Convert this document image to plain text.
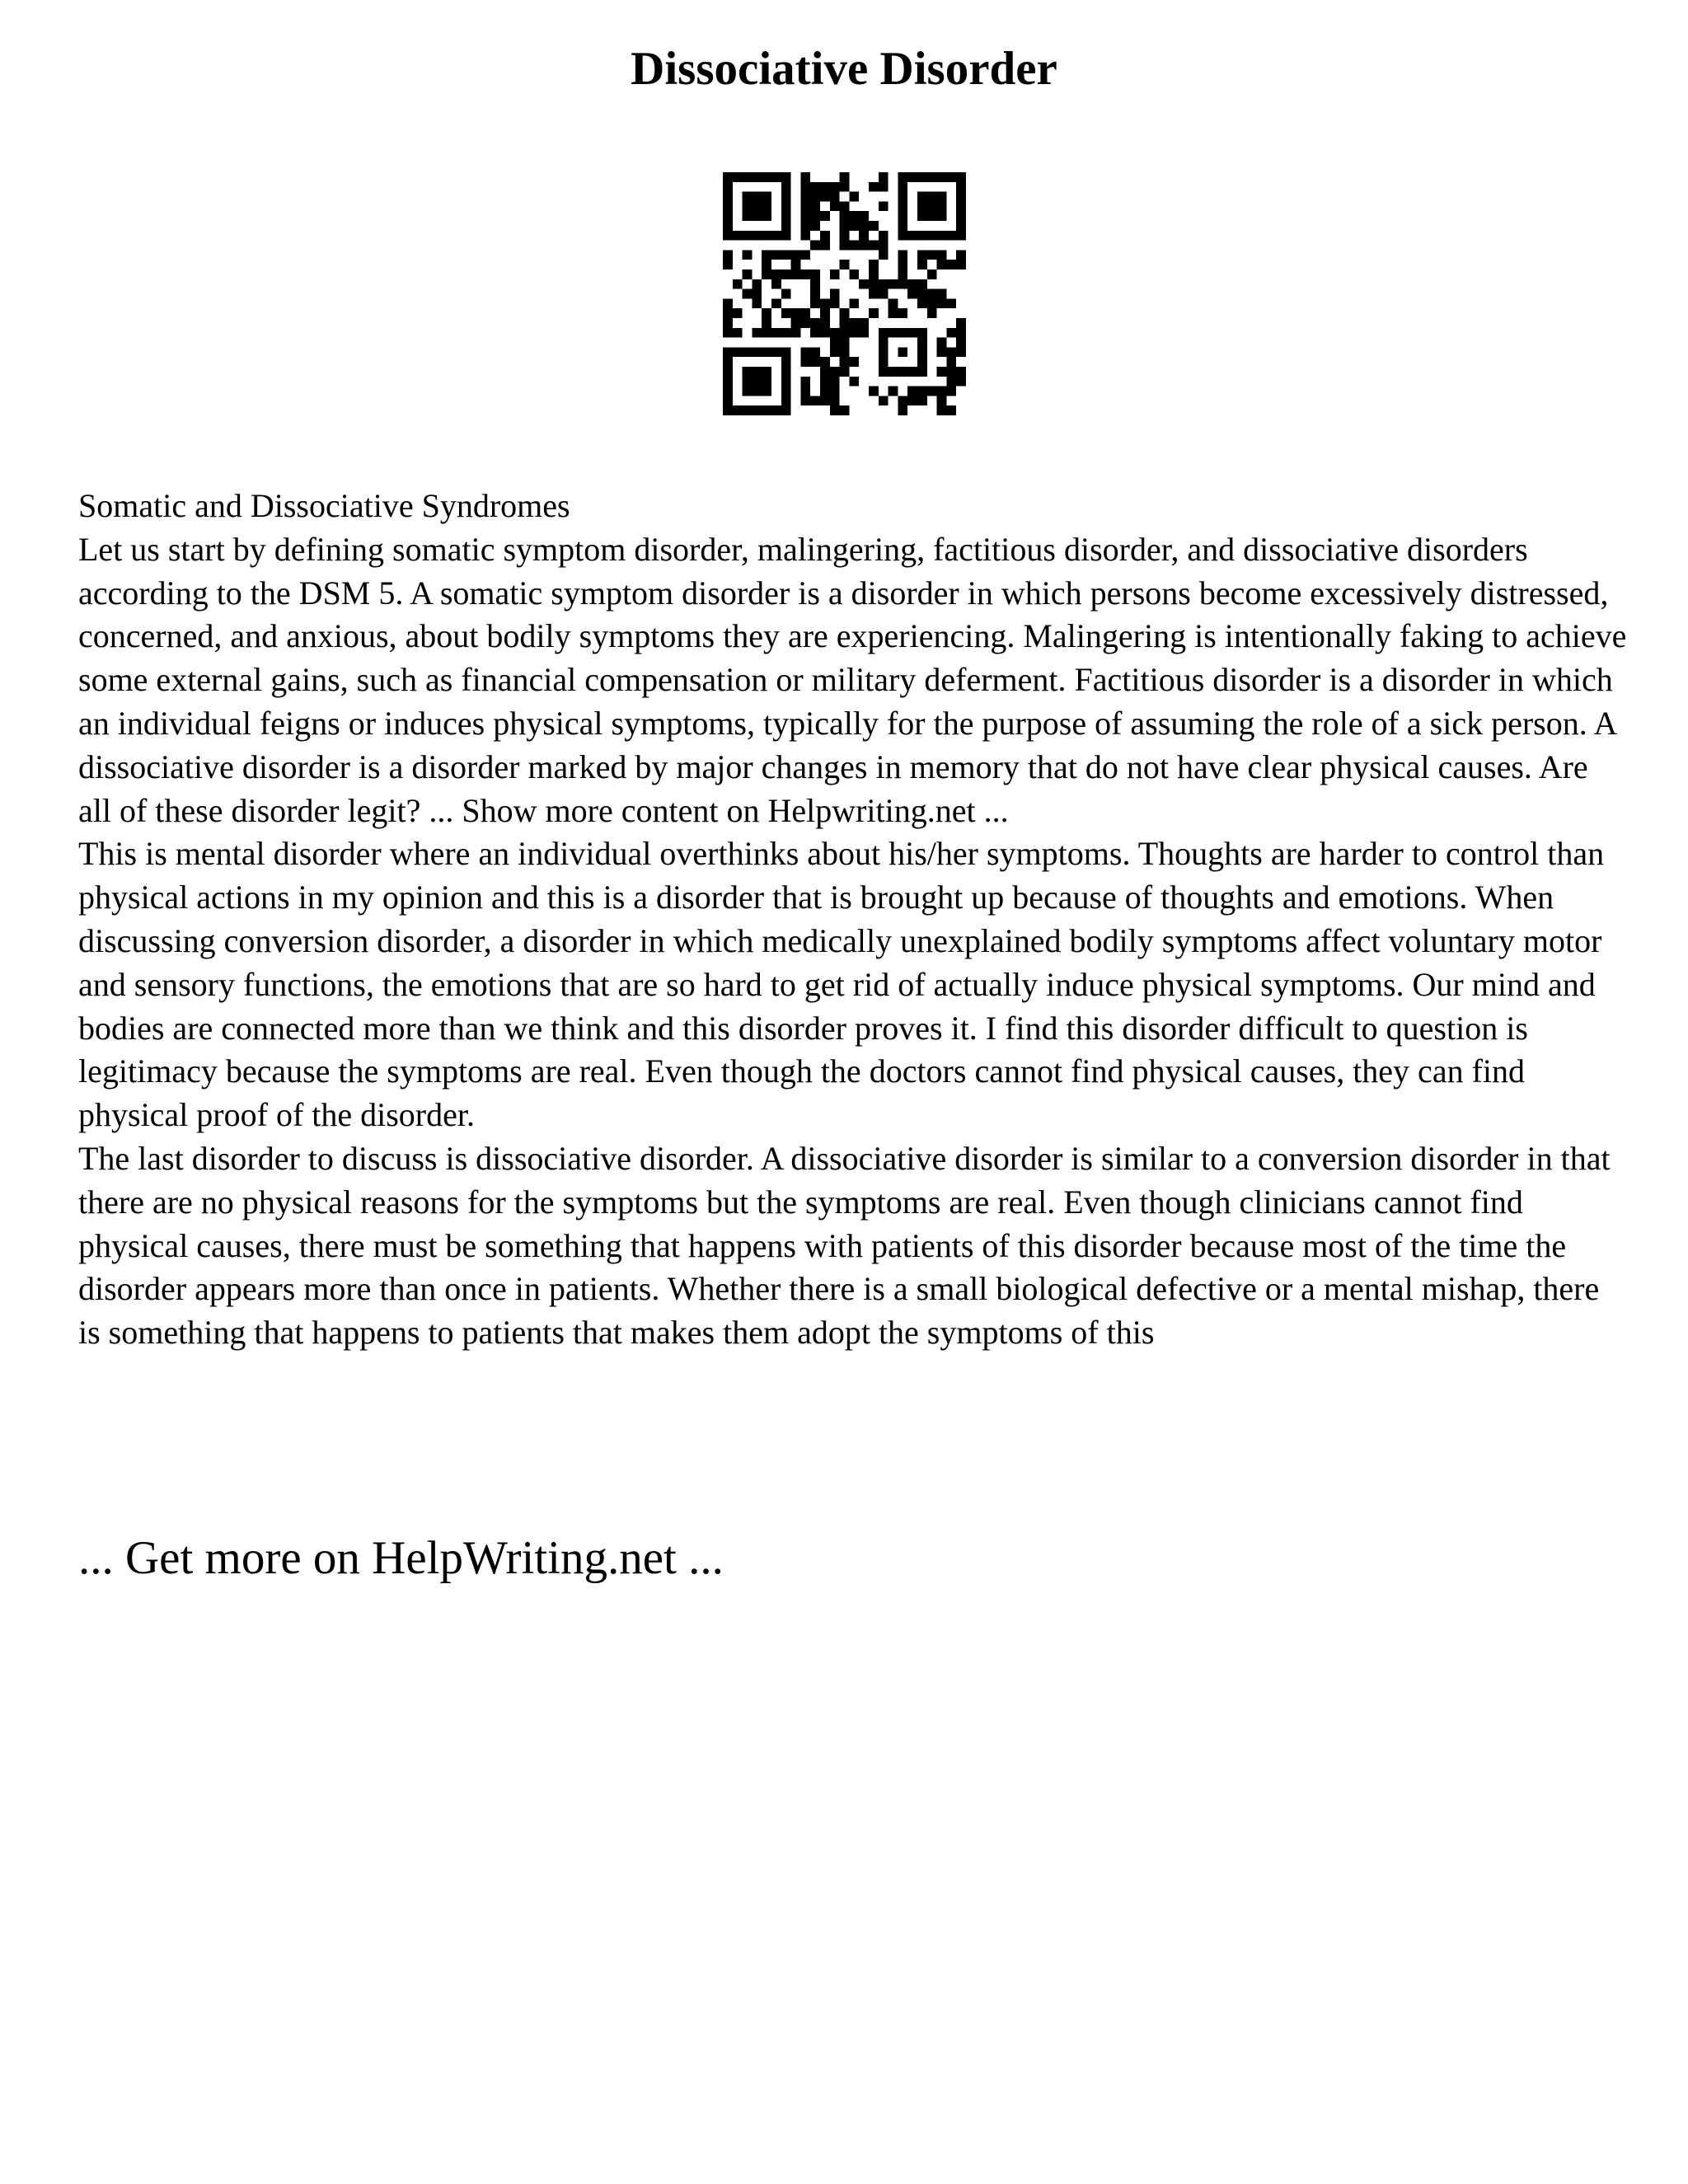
Dissociative Disorder

Somatic and Dissociative Syndromes

Let us start by defining somatic symptom disorder, malingering, factitious disorder, and dissociative disorders according to the DSM 5. A somatic symptom disorder is a disorder in which persons become excessively distressed, concerned, and anxious, about bodily symptoms they are experiencing. Malingering is intentionally faking to achieve some external gains, such as financial compensation or military deferment. Factitious disorder is a disorder in which an individual feigns or induces physical symptoms, typically for the purpose of assuming the role of a sick person. A dissociative disorder is a disorder marked by major changes in memory that do not have clear physical causes. Are all of these disorder legit? ... Show more content on Helpwriting.net ...

This is mental disorder where an individual overthinks about his/her symptoms. Thoughts are harder to control than physical actions in my opinion and this is a disorder that is brought up because of thoughts and emotions. When discussing conversion disorder, a disorder in which medically unexplained bodily symptoms affect voluntary motor and sensory functions, the emotions that are so hard to get rid of actually induce physical symptoms. Our mind and bodies are connected more than we think and this disorder proves it. I find this disorder difficult to question is legitimacy because the symptoms are real. Even though the doctors cannot find physical causes, they can find physical proof of the disorder.

The last disorder to discuss is dissociative disorder. A dissociative disorder is similar to a conversion disorder in that there are no physical reasons for the symptoms but the symptoms are real. Even though clinicians cannot find physical causes, there must be something that happens with patients of this disorder because most of the time the disorder appears more than once in patients. Whether there is a small biological defective or a mental mishap, there is something that happens to patients that makes them adopt the symptoms of this

... Get more on HelpWriting.net ...
